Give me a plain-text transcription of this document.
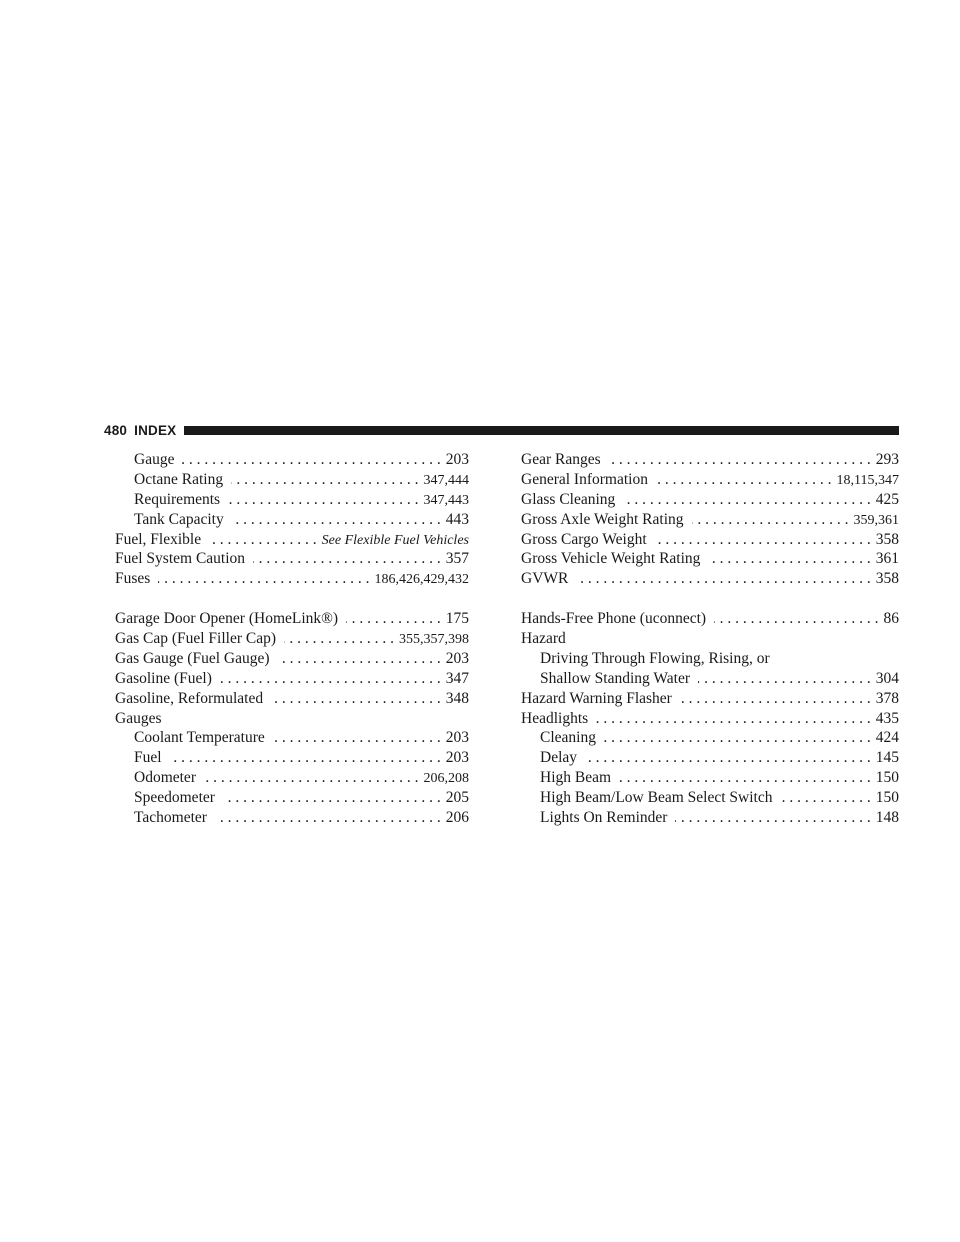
480 INDEX
Gauge . . .	203
Octane Rating . . .	347,444
Requirements . . .	347,443
Tank Capacity . . .	443
Fuel, Flexible . . .	See Flexible Fuel Vehicles
Fuel System Caution . . .	357
Fuses . . .	186,426,429,432
Garage Door Opener (HomeLink®) . . .	175
Gas Cap (Fuel Filler Cap) . . .	355,357,398
Gas Gauge (Fuel Gauge) . . .	203
Gasoline (Fuel) . . .	347
Gasoline, Reformulated . . .	348
Gauges
Coolant Temperature . . .	203
Fuel . . .	203
Odometer . . .	206,208
Speedometer . . .	205
Tachometer . . .	206
Gear Ranges . . .	293
General Information . . .	18,115,347
Glass Cleaning . . .	425
Gross Axle Weight Rating . . .	359,361
Gross Cargo Weight . . .	358
Gross Vehicle Weight Rating . . .	361
GVWR . . .	358
Hands-Free Phone (uconnect) . . .	86
Hazard
Driving Through Flowing, Rising, or
Shallow Standing Water . . .	304
Hazard Warning Flasher . . .	378
Headlights . . .	435
Cleaning . . .	424
Delay . . .	145
High Beam . . .	150
High Beam/Low Beam Select Switch . . .	150
Lights On Reminder . . .	148
